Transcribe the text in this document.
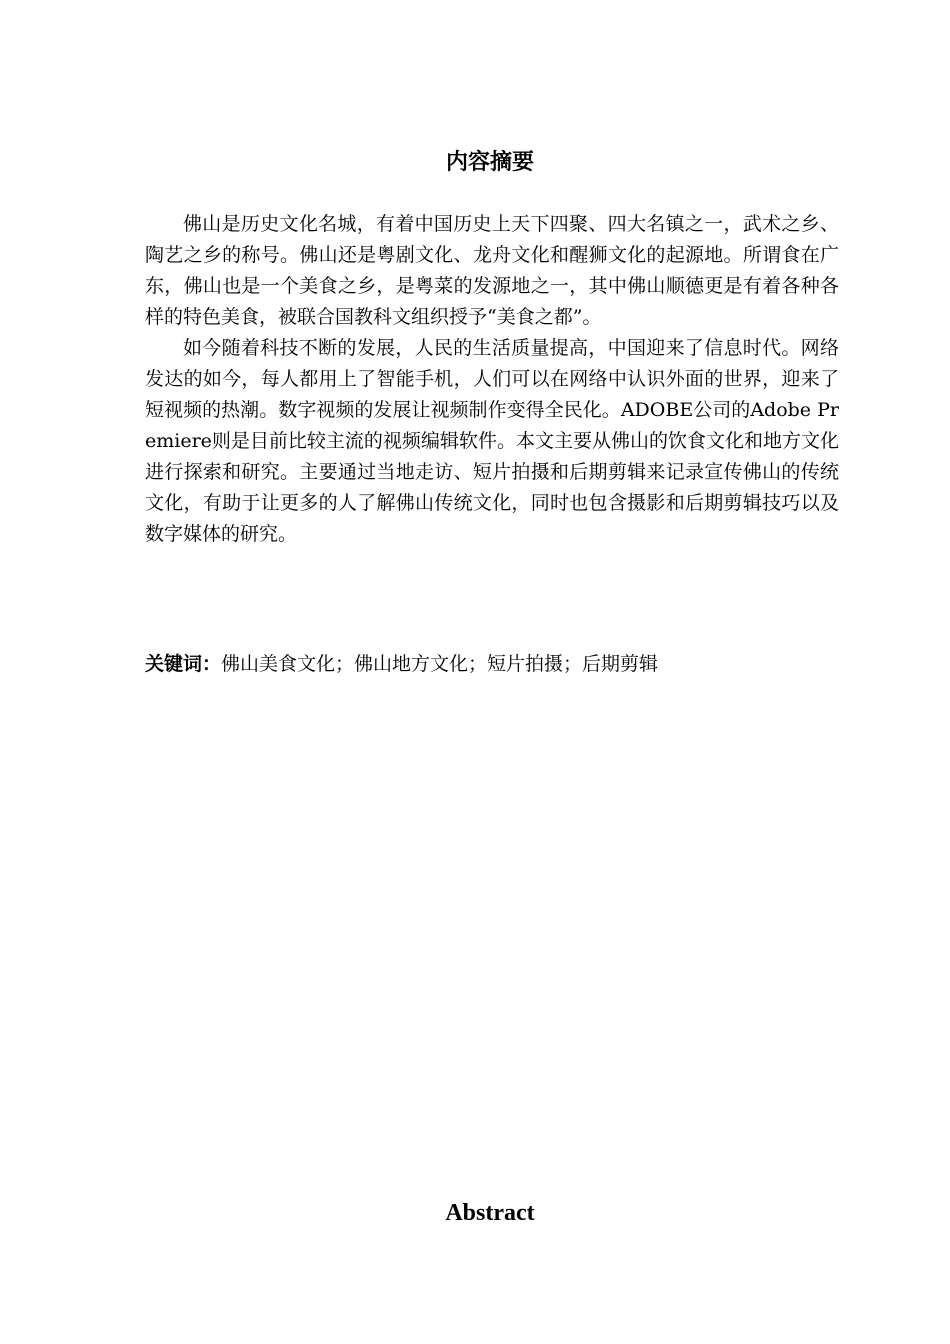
内容摘要

佛山是历史文化名城，有着中国历史上天下四聚、四大名镇之一，武术之乡、陶艺之乡的称号。佛山还是粤剧文化、龙舟文化和醒狮文化的起源地。所谓食在广东，佛山也是一个美食之乡，是粤菜的发源地之一，其中佛山顺德更是有着各种各样的特色美食，被联合国教科文组织授予“美食之都”。

如今随着科技不断的发展，人民的生活质量提高，中国迎来了信息时代。网络发达的如今，每人都用上了智能手机，人们可以在网络中认识外面的世界，迎来了短视频的热潮。数字视频的发展让视频制作变得全民化。ADOBE公司的Adobe Premiere则是目前比较主流的视频编辑软件。本文主要从佛山的饮食文化和地方文化进行探索和研究。主要通过当地走访、短片拍摄和后期剪辑来记录宣传佛山的传统文化，有助于让更多的人了解佛山传统文化，同时也包含摄影和后期剪辑技巧以及数字媒体的研究。

关键词：佛山美食文化；佛山地方文化；短片拍摄；后期剪辑

Abstract
